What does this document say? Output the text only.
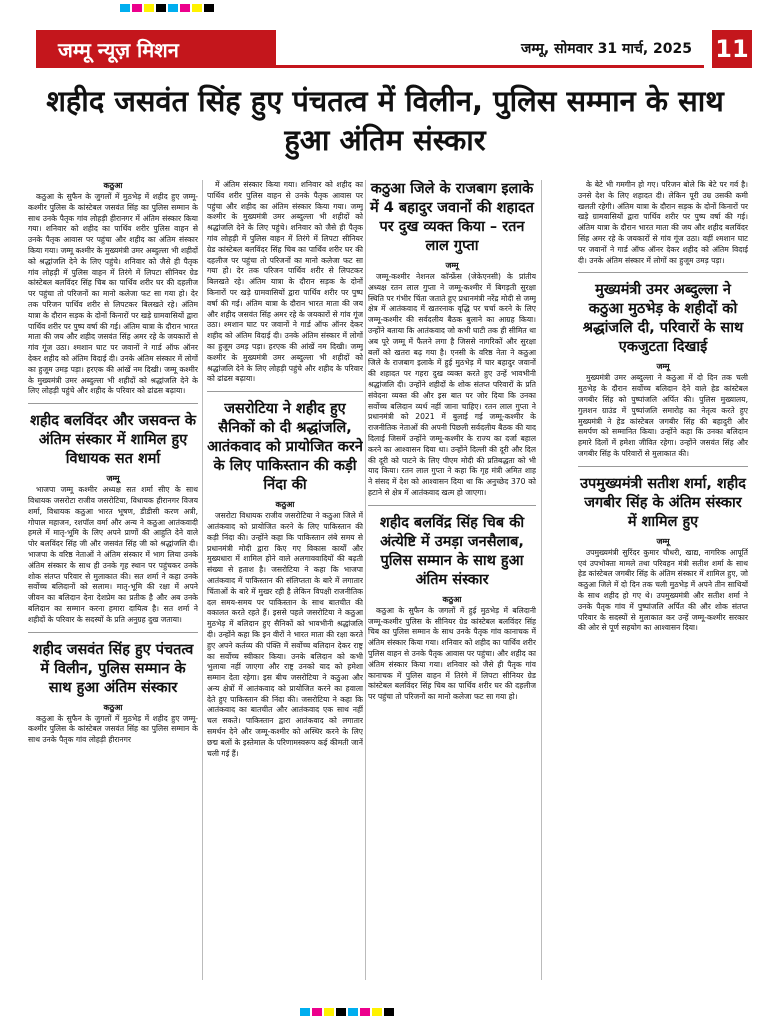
जम्मू न्यूज़ मिशन	जम्मू, सोमवार 31 मार्च, 2025 11
शहीद जसवंत सिंह हुए पंचतत्व में विलीन, पुलिस सम्मान के साथ हुआ अंतिम संस्कार
कठुआ

कठुआ के सुफैन के जुगलों में मुठभेड़ में शहीद हुए जम्मू-कश्मीर पुलिस के कांस्टेबल जसवंत सिंह का पुलिस सम्मान के साथ उनके पैतृक गांव लोहड़ी हीरानगर में अंतिम संस्कार किया गया। शनिवार को शहीद का पार्थिव शरीर पुलिस वाहन से उनके पैतृक आवास पर पहुंचा और शहीद का अंतिम संस्कार किया गया। जम्मू कश्मीर के मुख्यमंत्री उमर अब्दुल्ला भी शहीदों को श्रद्धांजलि देने के लिए पहुंचे। शनिवार को जैसे ही पैतृक गांव लोहड़ी में पुलिस वाहन में तिरंगे में लिपटा सीनियर ग्रेड कांस्टेबल बलविंदर सिंह चिब का पार्थिव शरीर घर की दहलीज पर पहुंचा तो परिजनों का मानो कलेजा फट सा गया हो। देर तक परिजन पार्थिव शरीर से लिपटकर बिलखते रहे। अंतिम यात्रा के दौरान सड़क के दोनों किनारों पर खड़े ग्रामवासियों द्वारा पार्थिव शरीर पर पुष्प वर्षा की गई। अंतिम यात्रा के दौरान भारत माता की जय और शहीद जसवंत सिंह अमर रहे के जयकारों से गांव गूंज उठा। श्मशान घाट पर जवानों ने गार्ड ऑफ ऑनर देकर शहीद को अंतिम विदाई दी। उनके अंतिम संस्कार में लोगों का हुजूम उमड़ पड़ा। हरएक की आंखें नम दिखी। जम्मू कश्मीर के मुख्यमंत्री उमर अब्दुल्ला भी शहीदों को श्रद्धांजलि देने के लिए लोहड़ी पहुंचे और शहीद के परिवार को ढांढस बढ़ाया।

शहीद बलविंदर और जसवन्त के अंतिम संस्कार में शामिल हुए विधायक सत शर्मा
जम्मू

भाजपा जम्मू कश्मीर अध्यक्ष सत शर्मा सीए के साथ विधायक जसरोटा राजीव जसरोटिया, विधायक हीरानगर विजय शर्मा, विधायक कठुआ भारत भूषण, डीडीसी करण अत्री, गोपाल महाजन, रशपॉल वर्मा और अन्य ने कठुआ आतंकवादी हमले में मातृ-भूमि के लिए अपने प्राणों की आहुति देने वाले पोर बलविंदर सिंह जी और जसवंत सिंह जी को श्रद्धांजलि दी। भाजपा के वरिष्ठ नेताओं ने अंतिम संस्कार में भाग लिया उनके अंतिम संस्कार के साथ ही उनके गृह स्थान पर पहुंचकर उनके शोक संतप्त परिवार से मुलाकात की। सत शर्मा ने कहा उनके सर्वोच्च बलिदानों को सलाम। मातृ-भूमि की रक्षा में अपने जीवन का बलिदान देना देशप्रेम का प्रतीक है और अब उनके बलिदान का सम्मान करना हमारा दायित्व है। सत शर्मा ने शहीदों के परिवार के सदस्यों के प्रति अनुग्रह दुख जताया।

शहीद जसवंत सिंह हुए पंचतत्व में विलीन, पुलिस सम्मान के साथ हुआ अंतिम संस्कार
कठुआ

कठुआ के सुफैन के जुगलों में मुठभेड़ में शहीद हुए जम्मू-कश्मीर पुलिस के कांस्टेबल जसवंत सिंह का पुलिस सम्मान के साथ उनके पैतृक गांव लोहड़ी हीरानगर

में अंतिम संस्कार किया गया। शनिवार को शहीद का पार्थिव शरीर पुलिस वाहन से उनके पैतृक आवास पर पहुंचा और शहीद का अंतिम संस्कार किया गया। जम्मू कश्मीर के मुख्यमंत्री उमर अब्दुल्ला भी शहीदों को श्रद्धांजलि देने के लिए पहुंचे। शनिवार को जैसे ही पैतृक गांव लोहड़ी में पुलिस वाहन में तिरंगे में लिपटा सीनियर ग्रेड कांस्टेबल बलविंदर सिंह चिब का पार्थिव शरीर घर की दहलीज पर पहुंचा तो परिजनों का मानो कलेजा फट सा गया हो। देर तक परिजन पार्थिव शरीर से लिपटकर बिलखते रहे। अंतिम यात्रा के दौरान सड़क के दोनों किनारों पर खड़े ग्रामवासियों द्वारा पार्थिव शरीर पर पुष्प वर्षा की गई। अंतिम यात्रा के दौरान भारत माता की जय और शहीद जसवंत सिंह अमर रहे के जयकारों से गांव गूंज उठा। श्मशान घाट पर जवानों ने गार्ड ऑफ ऑनर देकर शहीद को अंतिम विदाई दी। उनके अंतिम संस्कार में लोगों का हुजूम उमड़ पड़ा। हरएक की आंखें नम दिखी। जम्मू कश्मीर के मुख्यमंत्री उमर अब्दुल्ला भी शहीदों को श्रद्धांजलि देने के लिए लोहड़ी पहुंचे और शहीद के परिवार को ढांढस बढ़ाया।

जसरोटिया ने शहीद हुए सैनिकों को दी श्रद्धांजलि, आतंकवाद को प्रायोजित करने के लिए पाकिस्तान की कड़ी निंदा की
कठुआ

जसरोटा विधायक राजीव जसरोटिया ने कठुआ जिले में आतंकवाद को प्रायोजित करने के लिए पाकिस्तान की कड़ी निंदा की। उन्होंने कहा कि पाकिस्तान लंबे समय से प्रधानमंत्री मोदी द्वारा किए गए विकास कार्यों और मुख्यधारा में शामिल होने वाले अलगाववादियों की बढ़ती संख्या से हताश है। जसरोटिया ने कहा कि भाजपा आतंकवाद में पाकिस्तान की संलिप्तता के बारे में लगातार चिंताओं के बारे में मुखर रही है लेकिन विपक्षी राजनीतिक दल समय-समय पर पाकिस्तान के साथ बातचीत की वकालत करते रहते हैं। इससे पहले जसरोटिया ने कठुआ मुठभेड़ में बलिदान हुए सैनिकों को भावभीनी श्रद्धांजलि दी। उन्होंने कहा कि इन वीरों ने भारत माता की रक्षा करते हुए अपने कर्तव्य की पंक्ति में सर्वोच्च बलिदान देकर राष्ट्र का सर्वोच्च स्वीकार किया। उनके बलिदान को कभी भुलाया नहीं जाएगा और राष्ट्र उनको याद को हमेशा सम्मान देता रहेगा। इस बीच जसरोटिया ने कठुआ और अन्य क्षेत्रों में आतंकवाद को प्रायोजित करने का हवाला देते हुए पाकिस्तान की निंदा की। जसरोटिया ने कहा कि आतंकवाद का बातचीत और आतंकवाद एक साथ नहीं चल सकते। पाकिस्तान द्वारा आतंकवाद को लगातार समर्थन देने और जम्मू-कश्मीर को अस्थिर करने के लिए छद्म बलों के इस्तेमाल के परिणामस्वरूप कई कीमती जानें चली गई हैं।

कठुआ जिले के राजबाग इलाके में 4 बहादुर जवानों की शहादत पर दुख व्यक्त किया – रतन लाल गुप्ता
जम्मू

जम्मू-कश्मीर नेशनल कॉन्फ्रेंस (जेकेएनसी) के प्रांतीय अध्यक्ष रतन लाल गुप्ता ने जम्मू-कश्मीर में बिगड़ती सुरक्षा स्थिति पर गंभीर चिंता जताते हुए प्रधानमंत्री नरेंद्र मोदी से जम्मू क्षेत्र में आतंकवाद में खतरनाक वृद्धि पर चर्चा करने के लिए जम्मू-कश्मीर की सर्वदलीय बैठक बुलाने का आग्रह किया। उन्होंने बताया कि आतंकवाद जो कभी घाटी तक ही सीमित था अब पूरे जम्मू में फैलने लगा है जिससे नागरिकों और सुरक्षा बलों को खतरा बढ़ गया है। एनसी के वरिष्ठ नेता ने कठुआ जिले के राजबाग इलाके में हुई मुठभेड़ में चार बहादुर जवानों की शहादत पर गहरा दुख व्यक्त करते हुए उन्हें भावभीनी श्रद्धांजलि दी। उन्होंने शहीदों के शोक संतप्त परिवारों के प्रति संवेदना व्यक्त की और इस बात पर जोर दिया कि उनका सर्वोच्च बलिदान व्यर्थ नहीं जाना चाहिए। रतन लाल गुप्ता ने प्रधानमंत्री को 2021 में बुलाई गई जम्मू-कश्मीर के राजनीतिक नेताओं की अपनी पिछली सर्वदलीय बैठक की याद दिलाई जिसमें उन्होंने जम्मू-कश्मीर के राज्य का दर्जा बहाल करने का आश्वासन दिया था। उन्होंने दिल्ली की दूरी और दिल की दूरी को पाटने के लिए पीएम मोदी की प्रतिबद्धता को भी याद किया। रतन लाल गुप्ता ने कहा कि गृह मंत्री अमित शाह ने संसद में देश को आश्वासन दिया था कि अनुच्छेद 370 को हटाने से क्षेत्र में आतंकवाद खत्म हो जाएगा।

शहीद बलविंद्र सिंह चिब की अंत्येष्टि में उमड़ा जनसैलाब, पुलिस सम्मान के साथ हुआ अंतिम संस्कार
कठुआ

कठुआ के सुफैन के जगलों में हुई मुठभेड़ में बलिदानी जम्मू-कश्मीर पुलिस के सीनियर ग्रेड कांस्टेबल बलविंदर सिंह चिब का पुलिस सम्मान के साथ उनके पैतृक गांव कानाचक में अंतिम संस्कार किया गया। शनिवार को शहीद का पार्थिव शरीर पुलिस वाहन से उनके पैतृक आवास पर पहुंचा। और शहीद का अंतिम संस्कार किया गया। शनिवार को जैसे ही पैतृक गांव कानाचक में पुलिस वाहन में तिरंगे में लिपटा सीनियर ग्रेड कांस्टेबल बलविंदर सिंह चिब का पार्थिव शरीर घर की दहलीज पर पहुंचा तो परिजनों का मानो कलेजा फट सा गया हो।

के बेटे भी गमगीन हो गए। परिजन बोले कि बेटे पर गर्व है। उनसे देश के लिए शहादत दी। लेकिन पूरी उम्र उसकी कमी खलती रहेगी। अंतिम यात्रा के दौरान सड़क के दोनों किनारों पर खड़े ग्रामवासियों द्वारा पार्थिव शरीर पर पुष्प वर्षा की गई। अंतिम यात्रा के दौरान भारत माता की जय और शहीद बलविंदर सिंह अमर रहे के जयकारों से गांव गूंज उठा। वहीं श्मशान घाट पर जवानों ने गार्ड ऑफ ऑनर देकर शहीद को अंतिम विदाई दी। उनके अंतिम संस्कार में लोगों का हुजूम उमड़ पड़ा।

मुख्यमंत्री उमर अब्दुल्ला ने कठुआ मुठभेड़ के शहीदों को श्रद्धांजलि दी, परिवारों के साथ एकजुटता दिखाई
जम्मू

मुख्यमंत्री उमर अब्दुल्ला ने कठुआ में दो दिन तक चली मुठभेड़ के दौरान सर्वोच्च बलिदान देने वाले हेड कांस्टेबल जगबीर सिंह को पुष्पांजलि अर्पित की। पुलिस मुख्यालय, गुलशन ग्राउंड में पुष्पांजलि समारोह का नेतृत्व करते हुए मुख्यमंत्री ने हेड कांस्टेबल जगबीर सिंह की बहादुरी और समर्पण को सम्मानित किया। उन्होंने कहा कि उनका बलिदान हमारे दिलों में हमेशा जीवित रहेगा। उन्होंने जसवंत सिंह और जगबीर सिंह के परिवारों से मुलाकात की।

उपमुख्यमंत्री सतीश शर्मा, शहीद जगबीर सिंह के अंतिम संस्कार में शामिल हुए
जम्मू

उपमुख्यमंत्री सुरिंदर कुमार चौधरी, खाद्य, नागरिक आपूर्ति एवं उपभोक्ता मामले तथा परिवहन मंत्री सतीश शर्मा के साथ हेड कांस्टेबल जगबीर सिंह के अंतिम संस्कार में शामिल हुए, जो कठुआ जिले में दो दिन तक चली मुठभेड़ में अपने तीन साथियों के साथ शहीद हो गए थे। उपमुख्यमंत्री और सतीश शर्मा ने उनके पैतृक गांव में पुष्पांजलि अर्पित की और शोक संतप्त परिवार के सदस्यों से मुलाकात कर उन्हें जम्मू-कश्मीर सरकार की ओर से पूर्ण सहयोग का आश्वासन दिया।
